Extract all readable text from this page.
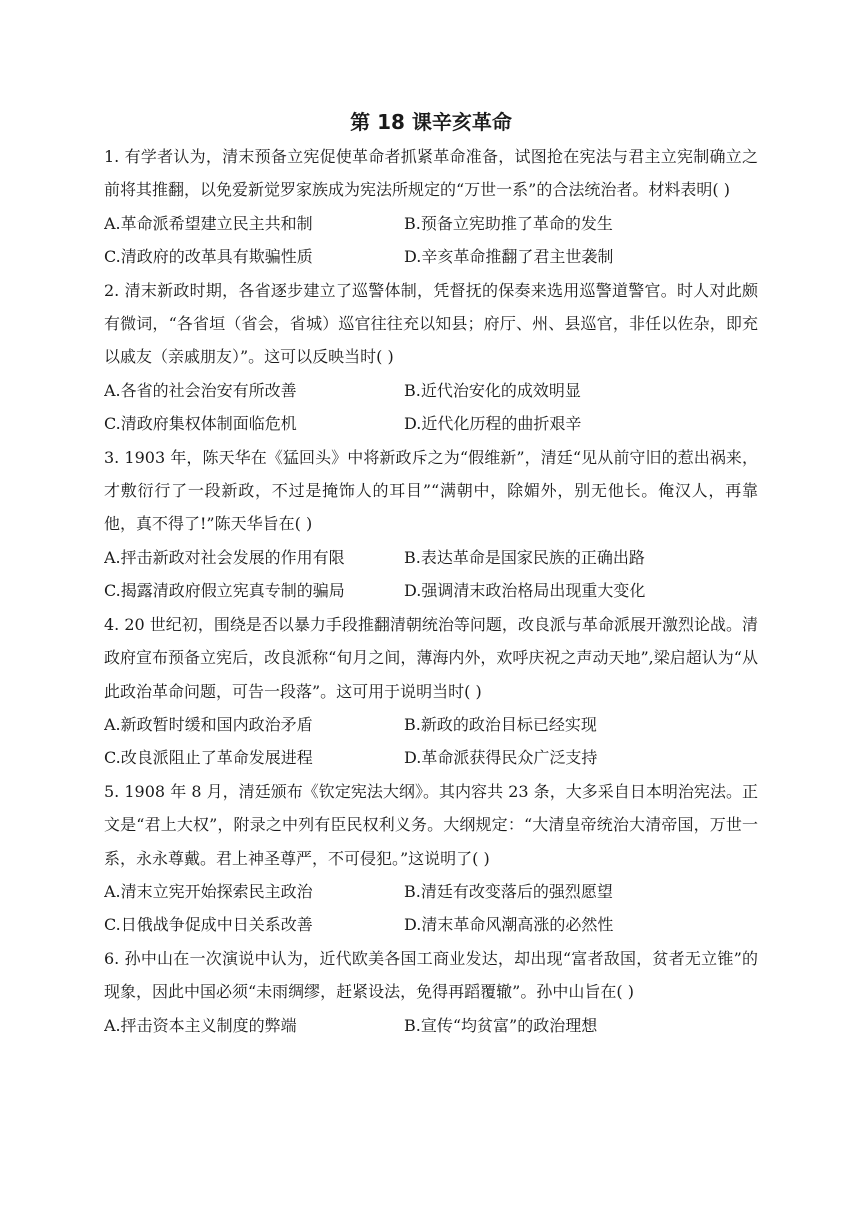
第 18 课辛亥革命

1. 有学者认为，清末预备立宪促使革命者抓紧革命准备，试图抢在宪法与君主立宪制确立之前将其推翻，以免爱新觉罗家族成为宪法所规定的“万世一系”的合法统治者。材料表明( )

A.革命派希望建立民主共和制	B.预备立宪助推了革命的发生
C.清政府的改革具有欺骗性质	D.辛亥革命推翻了君主世袭制

2. 清末新政时期，各省逐步建立了巡警体制，凭督抚的保奏来选用巡警道警官。时人对此颇有微词，“各省垣（省会，省城）巡官往往充以知县；府厅、州、县巡官，非任以佐杂，即充以戚友（亲戚朋友）”。这可以反映当时( )

A.各省的社会治安有所改善	B.近代治安化的成效明显
C.清政府集权体制面临危机	D.近代化历程的曲折艰辛

3. 1903 年，陈天华在《猛回头》中将新政斥之为“假维新”，清廷“见从前守旧的惹出祸来，才敷衍行了一段新政，不过是掩饰人的耳目”“满朝中，除媚外，别无他长。俺汉人，再靠他，真不得了!”陈天华旨在( )

A.抨击新政对社会发展的作用有限	B.表达革命是国家民族的正确出路
C.揭露清政府假立宪真专制的骗局	D.强调清末政治格局出现重大变化

4. 20 世纪初，围绕是否以暴力手段推翻清朝统治等问题，改良派与革命派展开激烈论战。清政府宣布预备立宪后，改良派称“旬月之间，薄海内外，欢呼庆祝之声动天地”,梁启超认为“从此政治革命问题，可告一段落”。这可用于说明当时( )

A.新政暂时缓和国内政治矛盾	B.新政的政治目标已经实现
C.改良派阻止了革命发展进程	D.革命派获得民众广泛支持

5. 1908 年 8 月，清廷颁布《钦定宪法大纲》。其内容共 23 条，大多采自日本明治宪法。正文是“君上大权”，附录之中列有臣民权利义务。大纲规定：“大清皇帝统治大清帝国，万世一系，永永尊戴。君上神圣尊严，不可侵犯。”这说明了( )

A.清末立宪开始探索民主政治	B.清廷有改变落后的强烈愿望
C.日俄战争促成中日关系改善	D.清末革命风潮高涨的必然性

6. 孙中山在一次演说中认为，近代欧美各国工商业发达，却出现“富者敌国，贫者无立锥”的现象，因此中国必须“未雨绸缪，赶紧设法，免得再蹈覆辙”。孙中山旨在( )

A.抨击资本主义制度的弊端	B.宣传“均贫富”的政治理想
